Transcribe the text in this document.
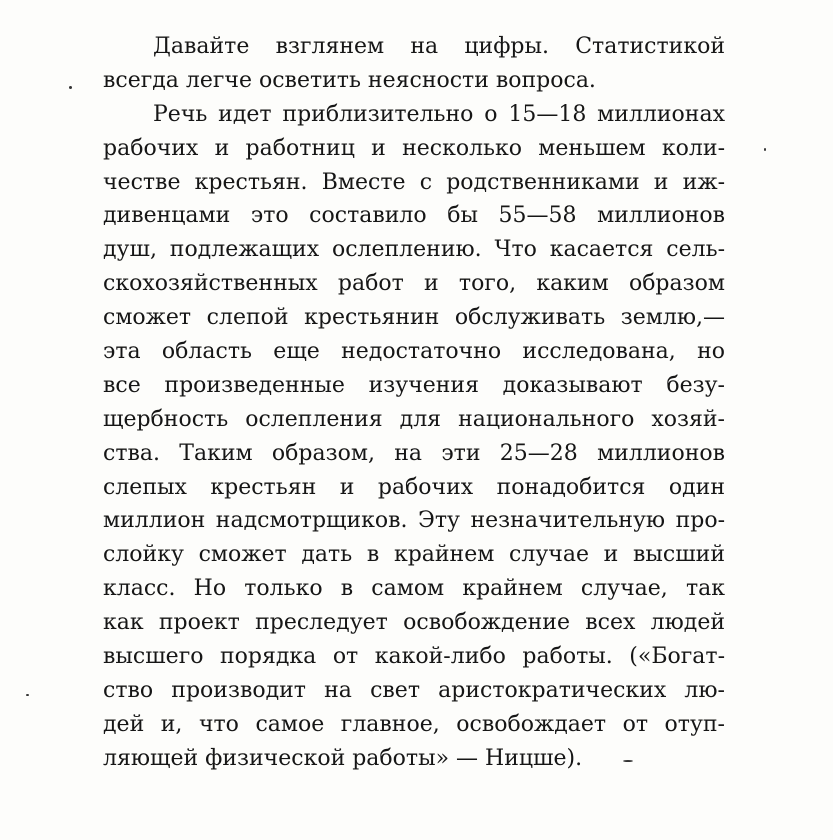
Давайте взглянем на цифры. Статистикой
всегда легче осветить неясности вопроса.
Речь идет приблизительно о 15—18 миллионах
рабочих и работниц и несколько меньшем коли-
честве крестьян. Вместе с родственниками и иж-
дивенцами это составило бы 55—58 миллионов
душ, подлежащих ослеплению. Что касается сель-
скохозяйственных работ и того, каким образом
сможет слепой крестьянин обслуживать землю,—
эта область еще недостаточно исследована, но
все произведенные изучения доказывают безу-
щербность ослепления для национального хозяй-
ства. Таким образом, на эти 25—28 миллионов
слепых крестьян и рабочих понадобится один
миллион надсмотрщиков. Эту незначительную про-
слойку сможет дать в крайнем случае и высший
класс. Но только в самом крайнем случае, так
как проект преследует освобождение всех людей
высшего порядка от какой-либо работы. («Богат-
ство производит на свет аристократических лю-
дей и, что самое главное, освобождает от отуп-
ляющей физической работы» — Ницше).
